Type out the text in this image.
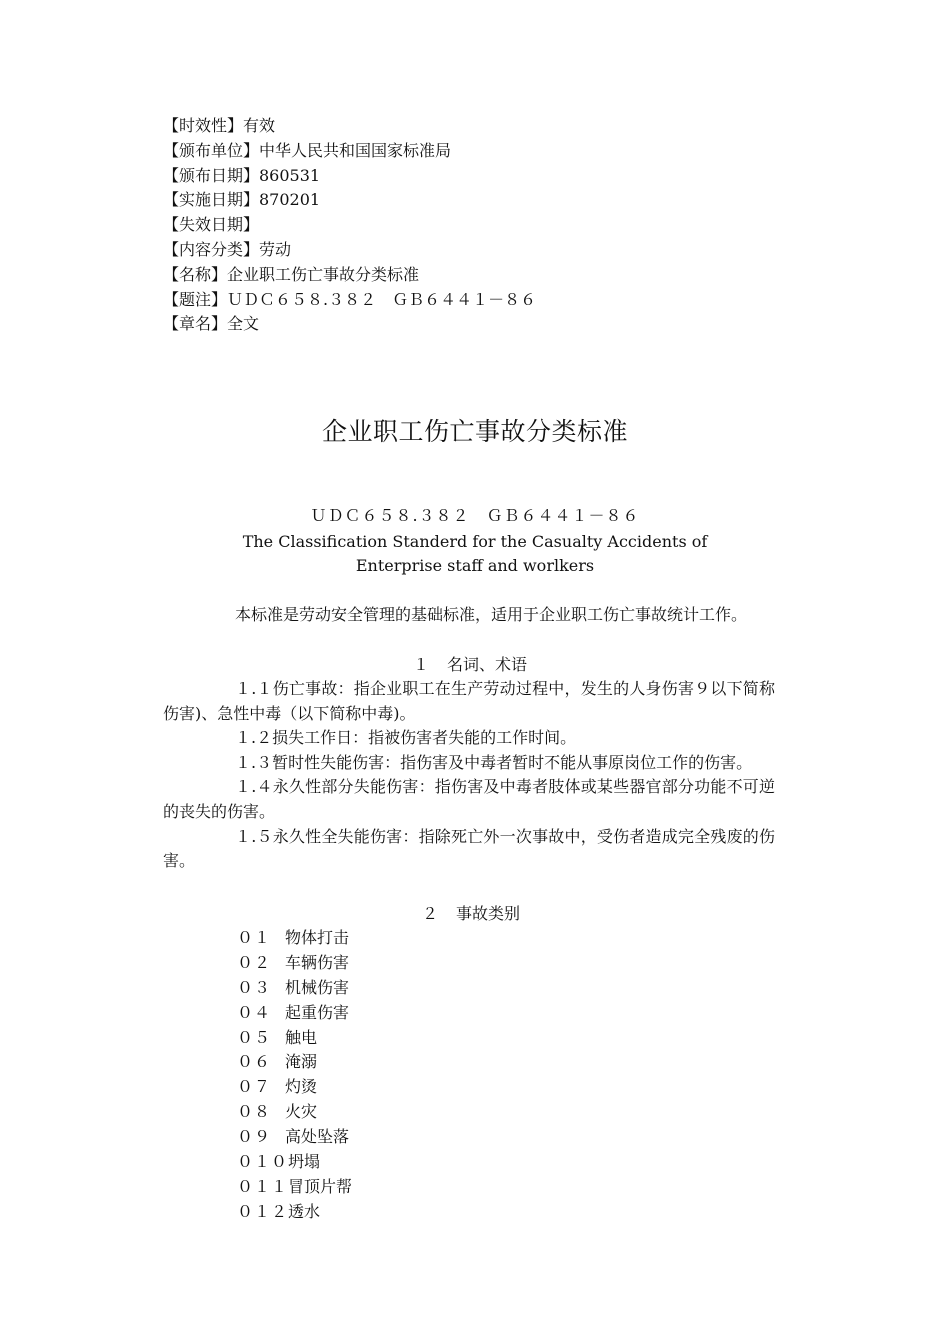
【时效性】有效
【颁布单位】中华人民共和国国家标准局
【颁布日期】860531
【实施日期】870201
【失效日期】
【内容分类】劳动
【名称】企业职工伤亡事故分类标准
【题注】ＵＤＣ６５８.３８２　ＧＢ６４４１－８６
【章名】全文
企业职工伤亡事故分类标准
ＵＤＣ６５８.３８２　ＧＢ６４４１－８６
The Classification Standerd for the Casualty Accidents of
Enterprise staff and worlkers
本标准是劳动安全管理的基础标准，适用于企业职工伤亡事故统计工作。
１ 名词、术语
１.１伤亡事故：指企业职工在生产劳动过程中，发生的人身伤害９以下简称伤害)、急性中毒（以下简称中毒)。
１.２损失工作日：指被伤害者失能的工作时间。
１.３暂时性失能伤害：指伤害及中毒者暂时不能从事原岗位工作的伤害。
１.４永久性部分失能伤害：指伤害及中毒者肢体或某些器官部分功能不可逆的丧失的伤害。
１.５永久性全失能伤害：指除死亡外一次事故中，受伤者造成完全残废的伤害。
２ 事故类别
０１ 物体打击
０２ 车辆伤害
０３ 机械伤害
０４ 起重伤害
０５ 触电
０６ 淹溺
０７ 灼烫
０８ 火灾
０９ 高处坠落
０１０坍塌
０１１冒顶片帮
０１２透水
